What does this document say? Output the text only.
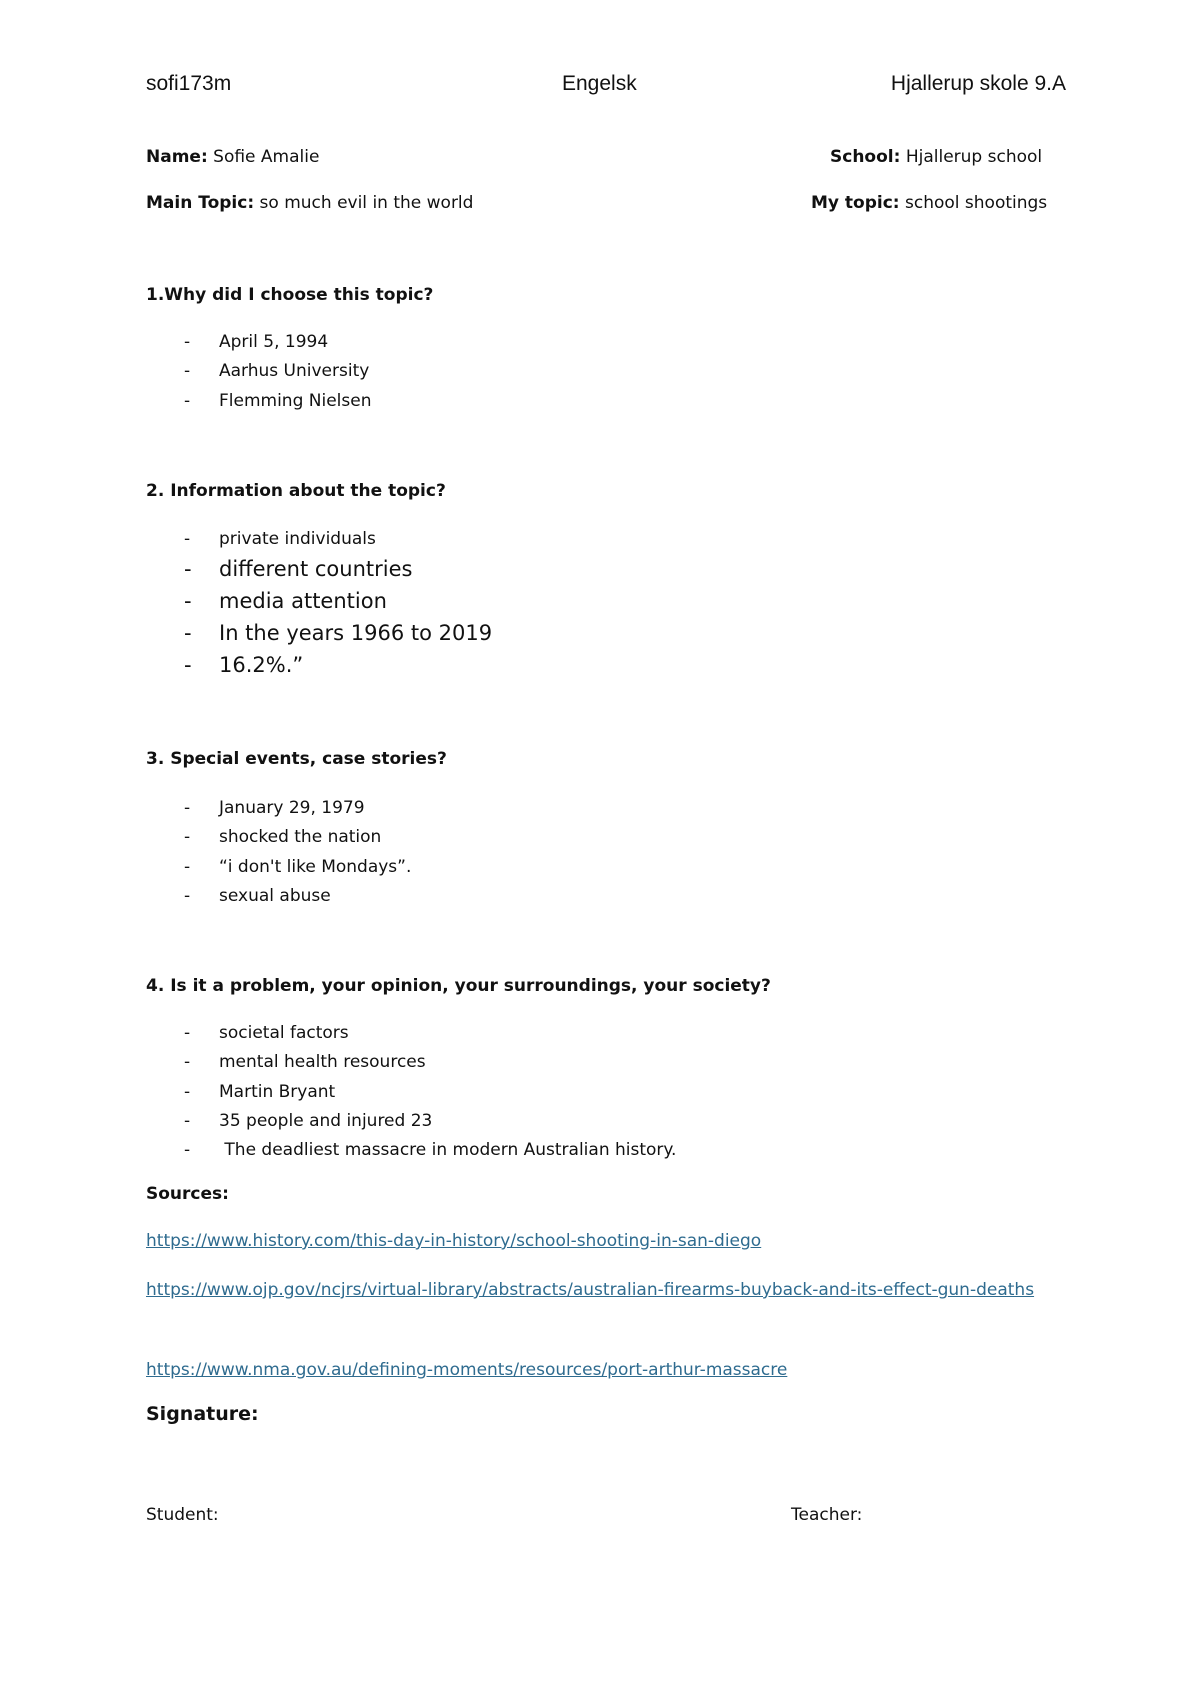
sofi173m	Engelsk	Hjallerup skole 9.A
Name: Sofie Amalie	School: Hjallerup school
Main Topic: so much evil in the world	My topic: school shootings
1.Why did I choose this topic?
- April 5, 1994
- Aarhus University
- Flemming Nielsen
2. Information about the topic?
- private individuals
- different countries
- media attention
- In the years 1966 to 2019
- 16.2%.”
3. Special events, case stories?
- January 29, 1979
- shocked the nation
- “i don't like Mondays”.
- sexual abuse
4. Is it a problem, your opinion, your surroundings, your society?
- societal factors
- mental health resources
- Martin Bryant
- 35 people and injured 23
- The deadliest massacre in modern Australian history.
Sources:
https://www.history.com/this-day-in-history/school-shooting-in-san-diego
https://www.ojp.gov/ncjrs/virtual-library/abstracts/australian-firearms-buyback-and-its-effect-gun-deaths
https://www.nma.gov.au/defining-moments/resources/port-arthur-massacre
Signature:
Student:	Teacher:
